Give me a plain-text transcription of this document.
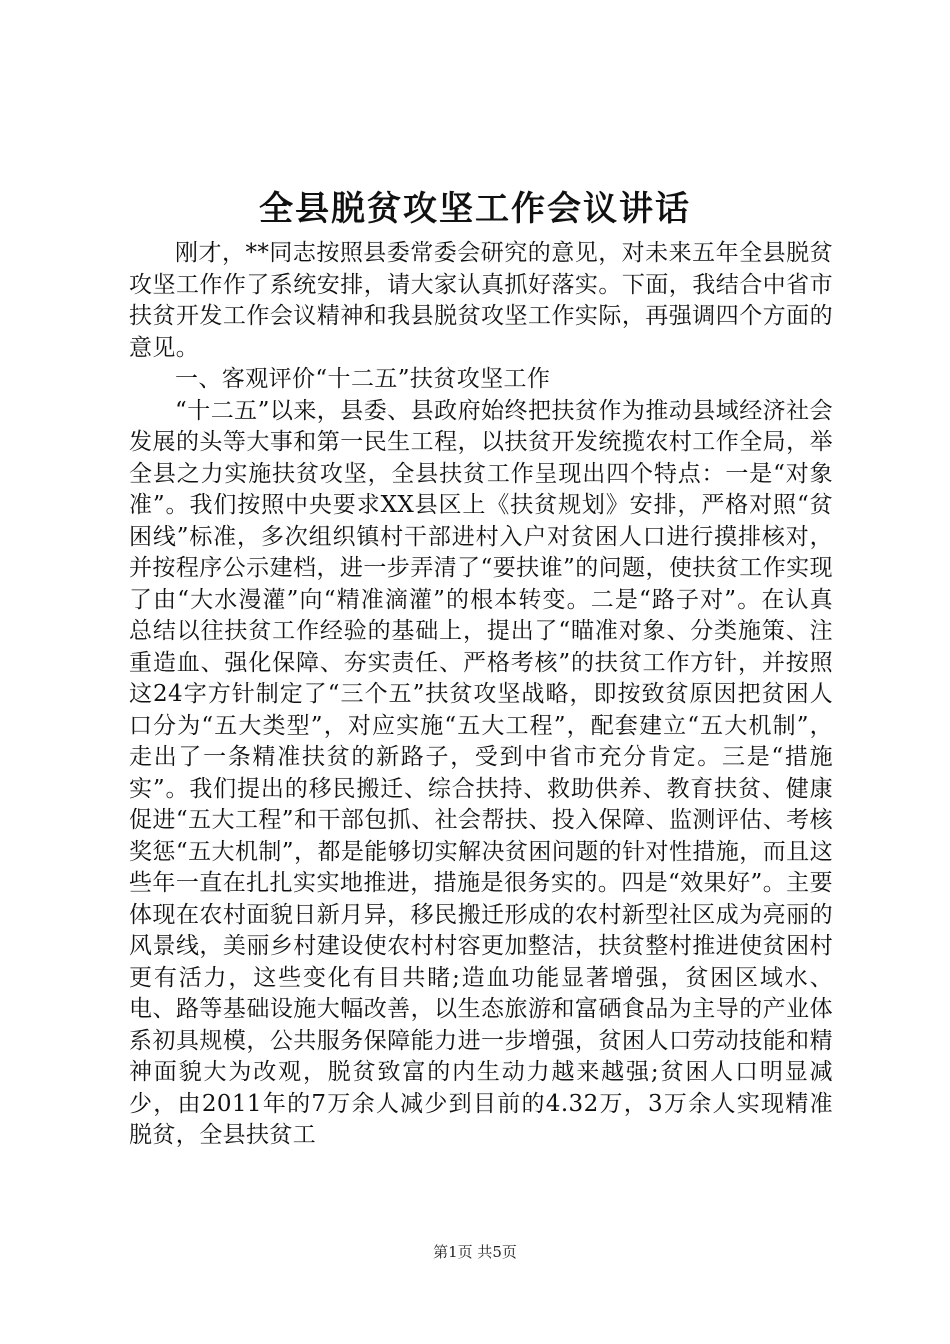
全县脱贫攻坚工作会议讲话

刚才，**同志按照县委常委会研究的意见，对未来五年全县脱贫攻坚工作作了系统安排，请大家认真抓好落实。下面，我结合中省市扶贫开发工作会议精神和我县脱贫攻坚工作实际，再强调四个方面的意见。

一、客观评价“十二五”扶贫攻坚工作

“十二五”以来，县委、县政府始终把扶贫作为推动县域经济社会发展的头等大事和第一民生工程，以扶贫开发统揽农村工作全局，举全县之力实施扶贫攻坚，全县扶贫工作呈现出四个特点：一是“对象准”。我们按照中央要求XX县区上《扶贫规划》安排，严格对照“贫困线”标准，多次组织镇村干部进村入户对贫困人口进行摸排核对，并按程序公示建档，进一步弄清了“要扶谁”的问题，使扶贫工作实现了由“大水漫灌”向“精准滴灌”的根本转变。二是“路子对”。在认真总结以往扶贫工作经验的基础上，提出了“瞄准对象、分类施策、注重造血、强化保障、夯实责任、严格考核”的扶贫工作方针，并按照这24字方针制定了“三个五”扶贫攻坚战略，即按致贫原因把贫困人口分为“五大类型”，对应实施“五大工程”，配套建立“五大机制”，走出了一条精准扶贫的新路子，受到中省市充分肯定。三是“措施实”。我们提出的移民搬迁、综合扶持、救助供养、教育扶贫、健康促进“五大工程”和干部包抓、社会帮扶、投入保障、监测评估、考核奖惩“五大机制”，都是能够切实解决贫困问题的针对性措施，而且这些年一直在扎扎实实地推进，措施是很务实的。四是“效果好”。主要体现在农村面貌日新月异，移民搬迁形成的农村新型社区成为亮丽的风景线，美丽乡村建设使农村村容更加整洁，扶贫整村推进使贫困村更有活力，这些变化有目共睹;造血功能显著增强，贫困区域水、电、路等基础设施大幅改善，以生态旅游和富硒食品为主导的产业体系初具规模，公共服务保障能力进一步增强，贫困人口劳动技能和精神面貌大为改观，脱贫致富的内生动力越来越强;贫困人口明显减少，由2011年的7万余人减少到目前的4.32万，3万余人实现精准脱贫，全县扶贫工

第1页 共5页
